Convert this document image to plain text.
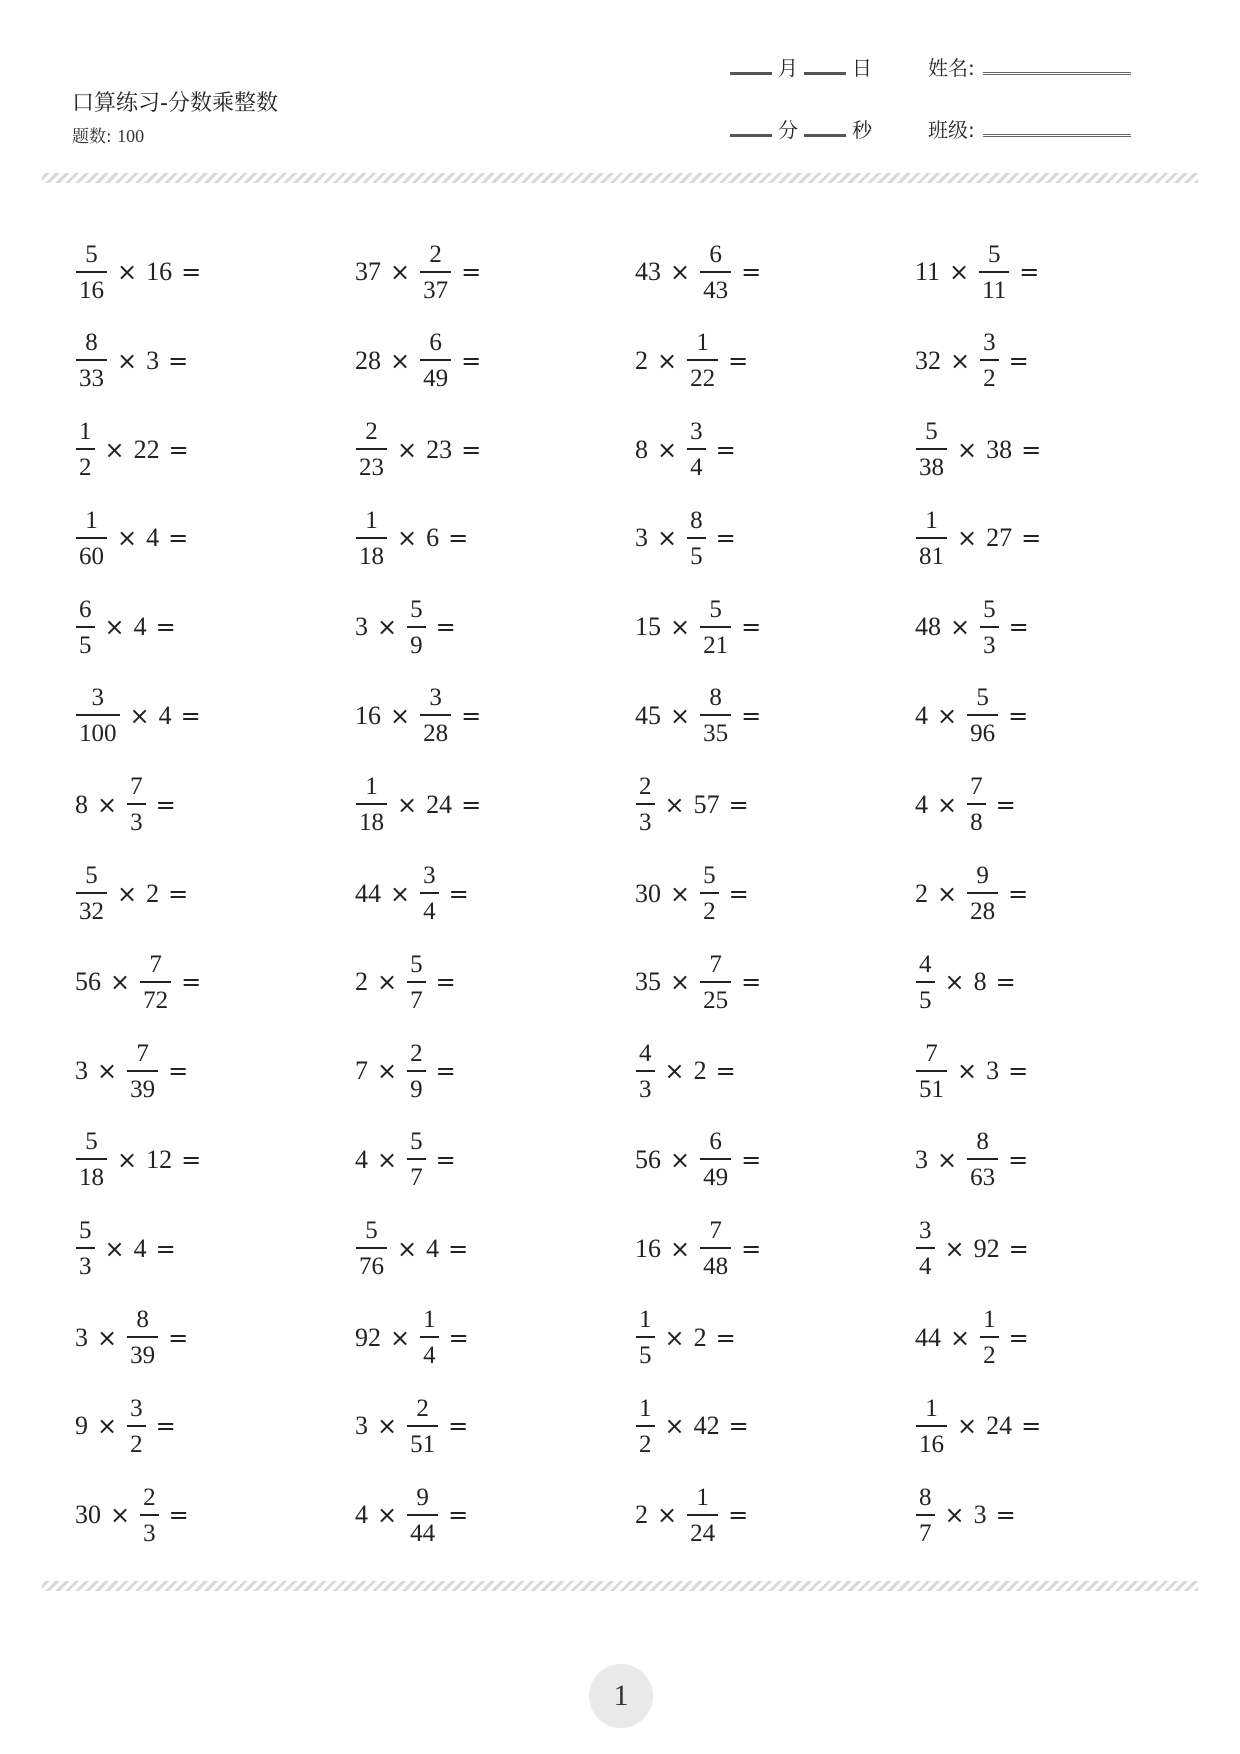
口算练习-分数乘整数
题数: 100
月	日	姓名:
分	秒	班级:
$\frac{5}{16} \times 16$ =	$37 \times \frac{2}{37}$ =	$43 \times \frac{6}{43}$ =	$11 \times \frac{5}{11}$ =
$\frac{8}{33} \times 3$ =	$28 \times \frac{6}{49}$ =	$2 \times \frac{1}{22}$ =	$32 \times \frac{3}{2}$ =
$\frac{1}{2} \times 22$ =	$\frac{2}{23} \times 23$ =	$8 \times \frac{3}{4}$ =	$\frac{5}{38} \times 38$ =
$\frac{1}{60} \times 4$ =	$\frac{1}{18} \times 6$ =	$3 \times \frac{8}{5}$ =	$\frac{1}{81} \times 27$ =
$\frac{6}{5} \times 4$ =	$3 \times \frac{5}{9}$ =	$15 \times \frac{5}{21}$ =	$48 \times \frac{5}{3}$ =
$\frac{3}{100} \times 4$ =	$16 \times \frac{3}{28}$ =	$45 \times \frac{8}{35}$ =	$4 \times \frac{5}{96}$ =
$8 \times \frac{7}{3}$ =	$\frac{1}{18} \times 24$ =	$\frac{2}{3} \times 57$ =	$4 \times \frac{7}{8}$ =
$\frac{5}{32} \times 2$ =	$44 \times \frac{3}{4}$ =	$30 \times \frac{5}{2}$ =	$2 \times \frac{9}{28}$ =
$56 \times \frac{7}{72}$ =	$2 \times \frac{5}{7}$ =	$35 \times \frac{7}{25}$ =	$\frac{4}{5} \times 8$ =
$3 \times \frac{7}{39}$ =	$7 \times \frac{2}{9}$ =	$\frac{4}{3} \times 2$ =	$\frac{7}{51} \times 3$ =
$\frac{5}{18} \times 12$ =	$4 \times \frac{5}{7}$ =	$56 \times \frac{6}{49}$ =	$3 \times \frac{8}{63}$ =
$\frac{5}{3} \times 4$ =	$\frac{5}{76} \times 4$ =	$16 \times \frac{7}{48}$ =	$\frac{3}{4} \times 92$ =
$3 \times \frac{8}{39}$ =	$92 \times \frac{1}{4}$ =	$\frac{1}{5} \times 2$ =	$44 \times \frac{1}{2}$ =
$9 \times \frac{3}{2}$ =	$3 \times \frac{2}{51}$ =	$\frac{1}{2} \times 42$ =	$\frac{1}{16} \times 24$ =
$30 \times \frac{2}{3}$ =	$4 \times \frac{9}{44}$ =	$2 \times \frac{1}{24}$ =	$\frac{8}{7} \times 3$ =
1
